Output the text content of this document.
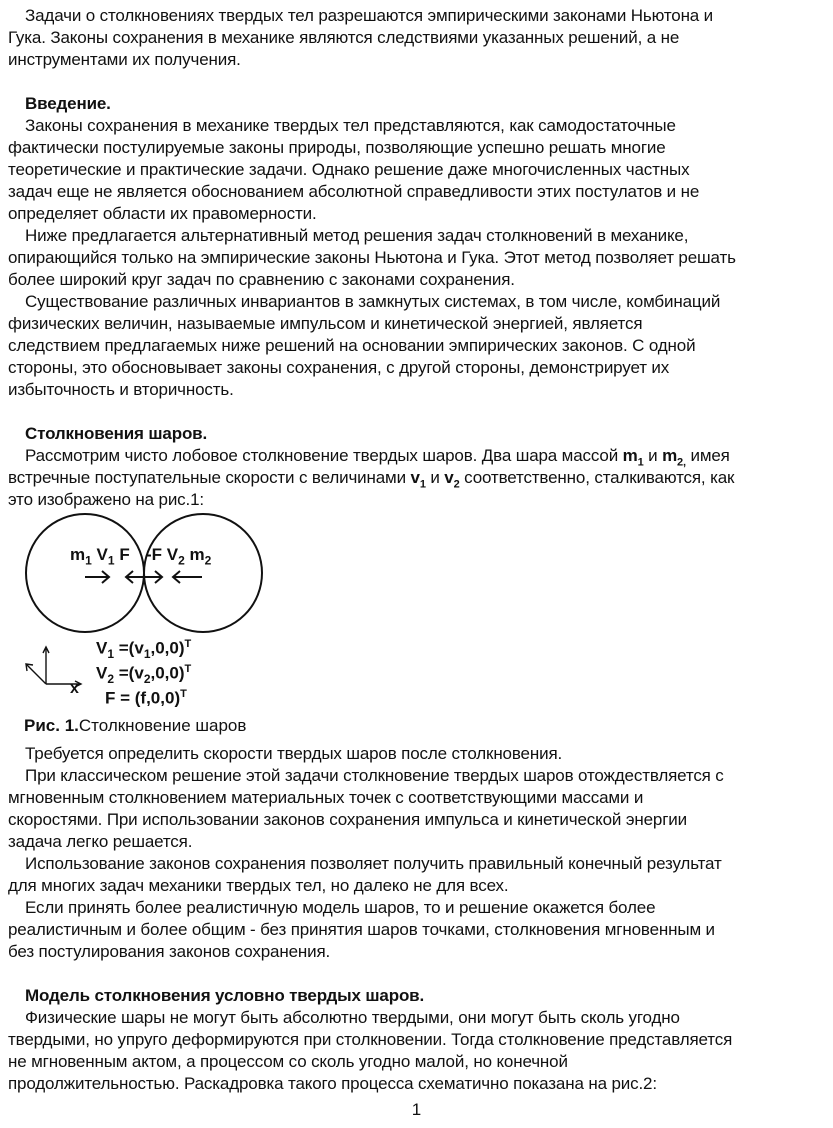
Задачи о столкновениях твердых тел разрешаются эмпирическими законами Ньютона и
Гука. Законы сохранения в механике являются следствиями указанных решений, а не
инструментами их получения.
Введение.
Законы сохранения в механике твердых тел представляются, как самодостаточные
фактически постулируемые законы природы, позволяющие успешно решать многие
теоретические и практические задачи. Однако решение даже многочисленных частных
задач еще не является обоснованием абсолютной справедливости этих постулатов и не
определяет области их правомерности.
Ниже предлагается альтернативный метод решения задач столкновений в механике,
опирающийся только на эмпирические законы Ньютона и Гука. Этот метод позволяет решать
более широкий круг задач по сравнению с законами сохранения.
Существование различных инвариантов в замкнутых системах, в том числе, комбинаций
физических величин, называемые импульсом и кинетической энергией, является
следствием предлагаемых ниже решений на основании эмпирических законов. С одной
стороны, это обосновывает законы сохранения, с другой стороны, демонстрирует их
избыточность и вторичность.
Столкновения шаров.
Рассмотрим чисто лобовое столкновение твердых шаров. Два шара массой $m_1$ и $m_{2,}$ имея
встречные поступательные скорости с величинами $v_1$ и $v_2$ соответственно, сталкиваются, как
это изображено на рис.1:
$m_1$ $V_1$ F -F $V_2$ $m_2$
x
$V_1 =(v_1,0,0)^T$
$V_2 =(v_2,0,0)^T$
$F = (f,0,0)^T$
Рис. 1.Столкновение шаров
Требуется определить скорости твердых шаров после столкновения.
При классическом решение этой задачи столкновение твердых шаров отождествляется с
мгновенным столкновением материальных точек с соответствующими массами и
скоростями. При использовании законов сохранения импульса и кинетической энергии
задача легко решается.
Использование законов сохранения позволяет получить правильный конечный результат
для многих задач механики твердых тел, но далеко не для всех.
Если принять более реалистичную модель шаров, то и решение окажется более
реалистичным и более общим - без принятия шаров точками, столкновения мгновенным и
без постулирования законов сохранения.
Модель столкновения условно твердых шаров.
Физические шары не могут быть абсолютно твердыми, они могут быть сколь угодно
твердыми, но упруго деформируются при столкновении. Тогда столкновение представляется
не мгновенным актом, а процессом со сколь угодно малой, но конечной
продолжительностью. Раскадровка такого процесса схематично показана на рис.2:
1
